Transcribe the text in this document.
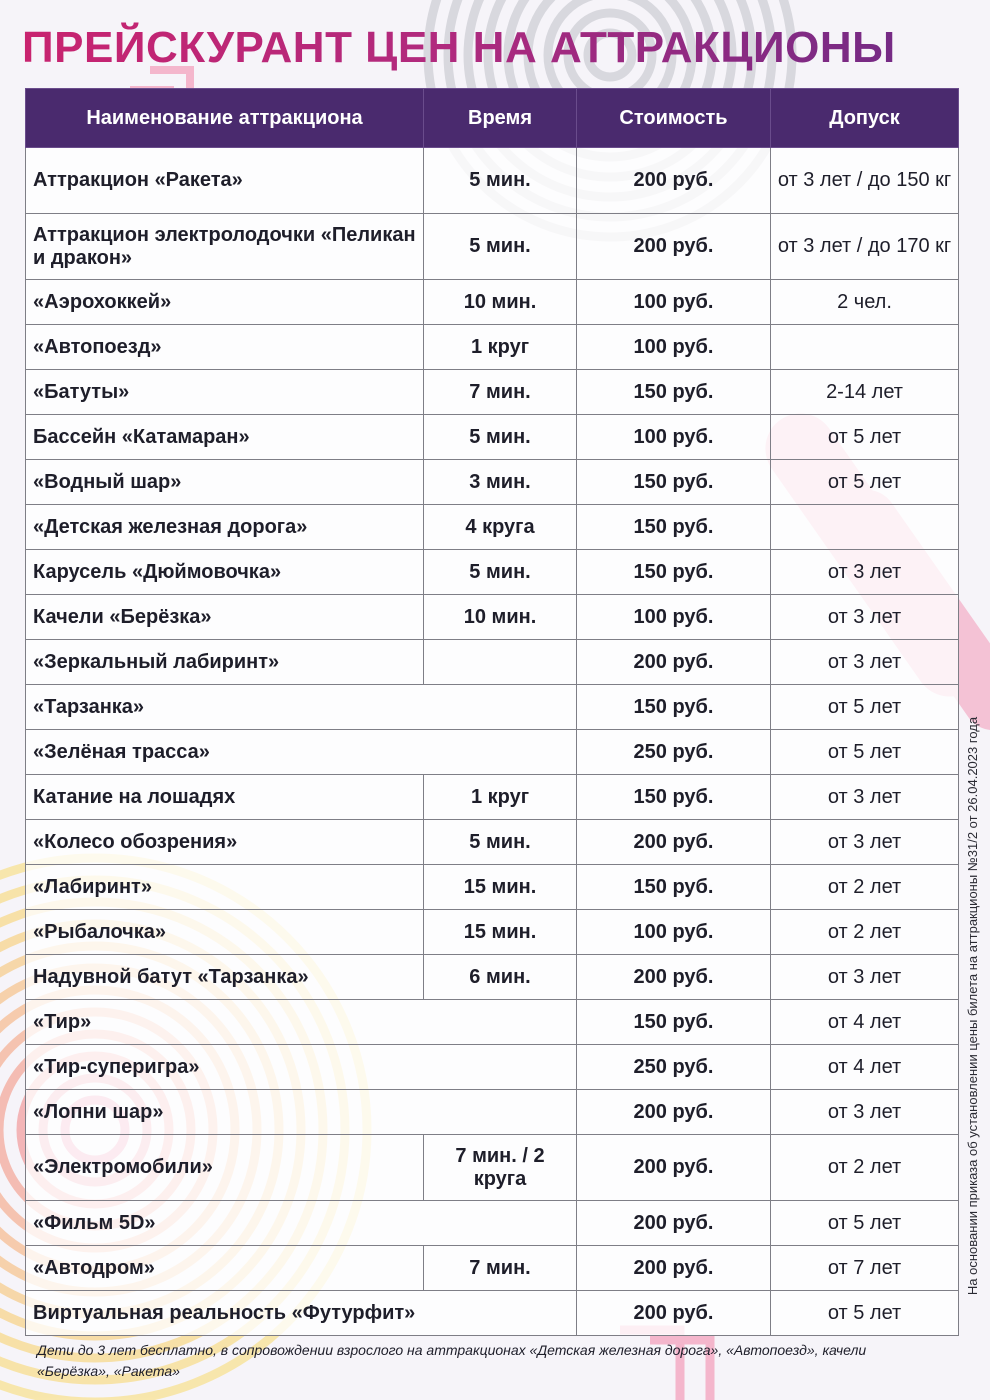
ПРЕЙСКУРАНТ ЦЕН НА АТТРАКЦИОНЫ
Наименование аттракциона	Время	Стоимость	Допуск
Аттракцион «Ракета»	5 мин.	200 руб.	от 3 лет / до 150 кг
Аттракцион электролодочки «Пеликан и дракон»	5 мин.	200 руб.	от 3 лет / до 170 кг
«Аэрохоккей»	10 мин.	100 руб.	2 чел.
«Автопоезд»	1 круг	100 руб.	
«Батуты»	7 мин.	150 руб.	2-14 лет
Бассейн «Катамаран»	5 мин.	100 руб.	от 5 лет
«Водный шар»	3 мин.	150 руб.	от 5 лет
«Детская железная дорога»	4 круга	150 руб.	
Карусель «Дюймовочка»	5 мин.	150 руб.	от 3 лет
Качели «Берёзка»	10 мин.	100 руб.	от 3 лет
«Зеркальный лабиринт»		200 руб.	от 3 лет
«Тарзанка»		150 руб.	от 5 лет
«Зелёная трасса»		250 руб.	от 5 лет
Катание на лошадях	1 круг	150 руб.	от 3 лет
«Колесо обозрения»	5 мин.	200 руб.	от 3 лет
«Лабиринт»	15 мин.	150 руб.	от 2 лет
«Рыбалочка»	15 мин.	100 руб.	от 2 лет
Надувной батут «Тарзанка»	6 мин.	200 руб.	от 3 лет
«Тир»		150 руб.	от 4 лет
«Тир-суперигра»		250 руб.	от 4 лет
«Лопни шар»		200 руб.	от 3 лет
«Электромобили»	7 мин. / 2 круга	200 руб.	от 2 лет
«Фильм 5D»		200 руб.	от 5 лет
«Автодром»	7 мин.	200 руб.	от 7 лет
Виртуальная реальность «Футурфит»		200 руб.	от 5 лет
На основании приказа об установлении цены билета на аттракционы №31/2 от 26.04.2023 года

Дети до 3 лет бесплатно, в сопровождении взрослого на аттракционах «Детская железная дорога», «Автопоезд», качели «Берёзка», «Ракета»
